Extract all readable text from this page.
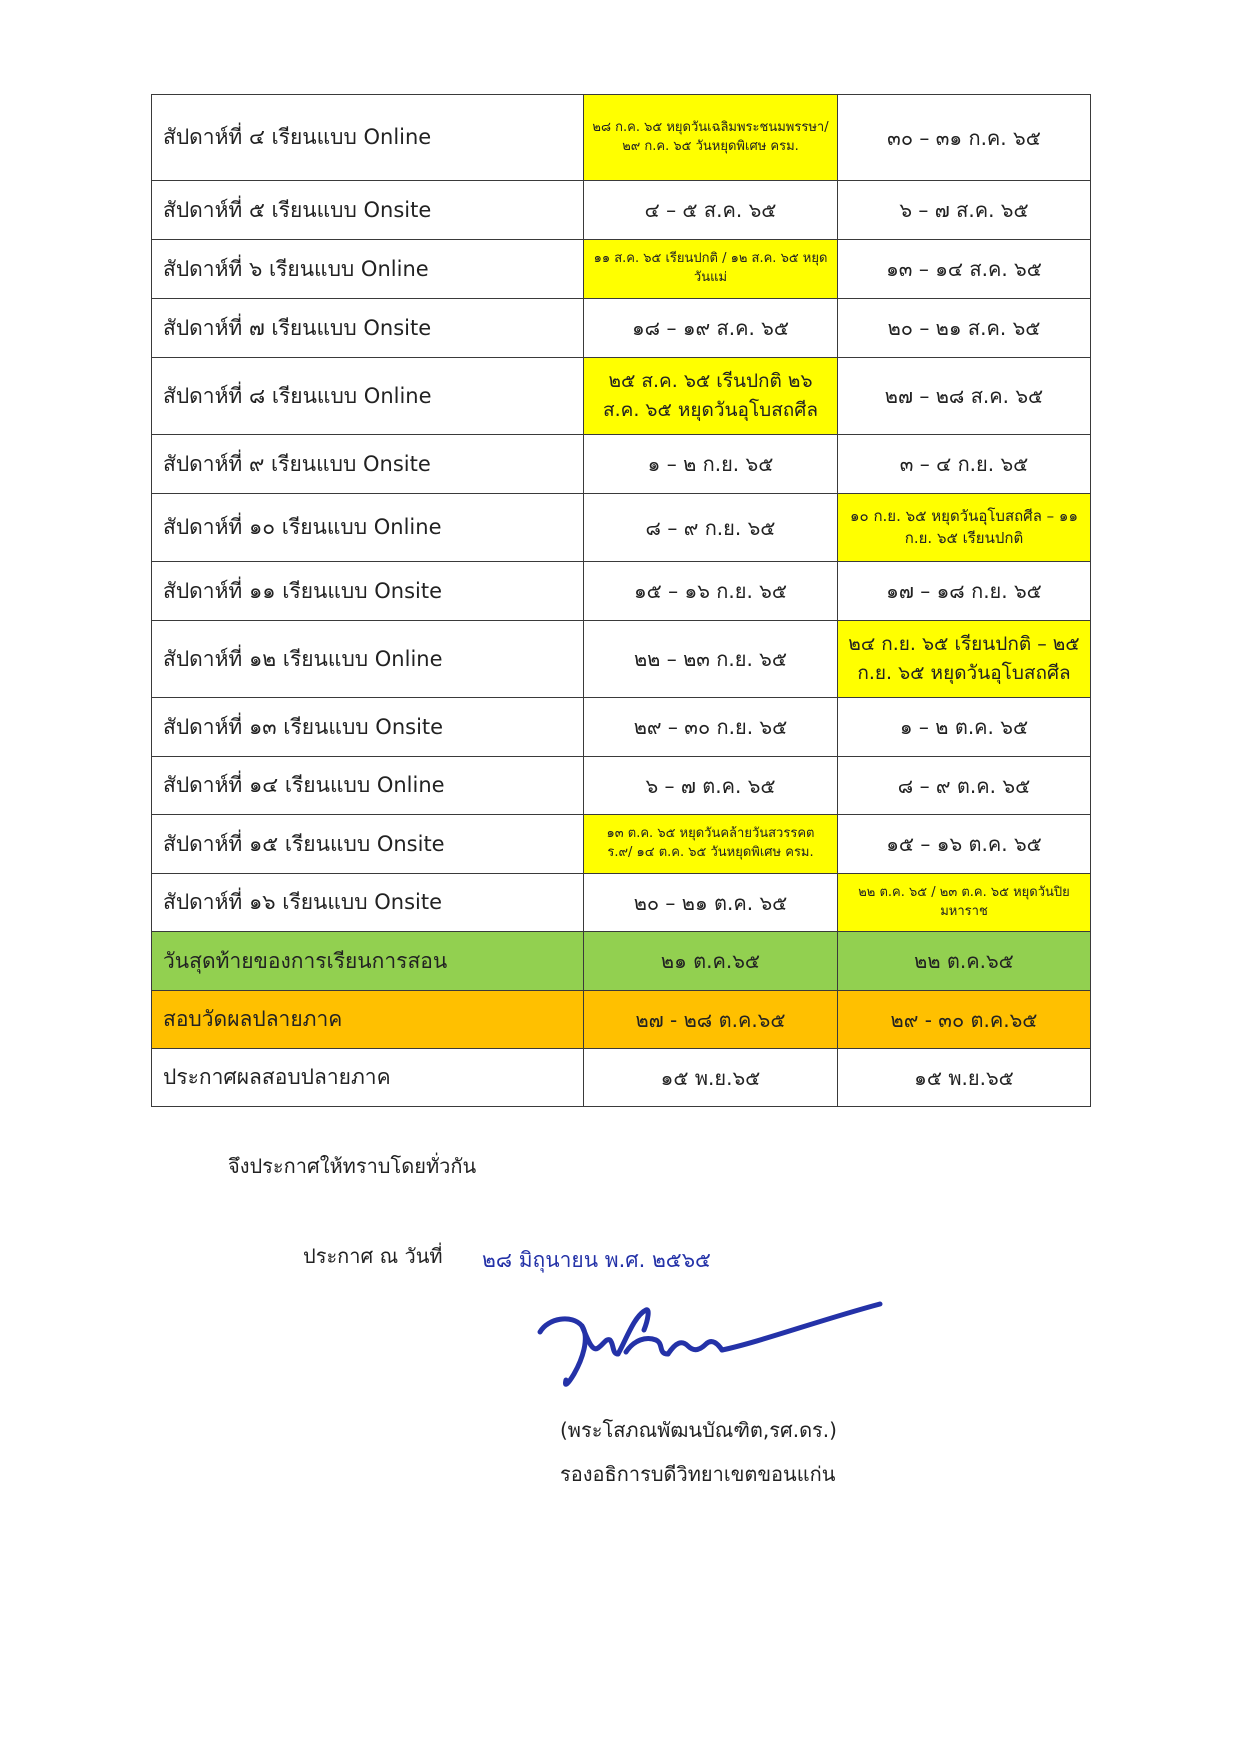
สัปดาห์ที่ ๔ เรียนแบบ Online	๒๘ ก.ค. ๖๕ หยุดวันเฉลิมพระชนมพรรษา/ ๒๙ ก.ค. ๖๕ วันหยุดพิเศษ ครม.	๓๐ – ๓๑ ก.ค. ๖๕
สัปดาห์ที่ ๕ เรียนแบบ Onsite	๔ – ๕ ส.ค. ๖๕	๖ – ๗ ส.ค. ๖๕
สัปดาห์ที่ ๖ เรียนแบบ Online	๑๑ ส.ค. ๖๕ เรียนปกติ / ๑๒ ส.ค. ๖๕ หยุดวันแม่	๑๓ – ๑๔ ส.ค. ๖๕
สัปดาห์ที่ ๗ เรียนแบบ Onsite	๑๘ – ๑๙ ส.ค. ๖๕	๒๐ – ๒๑ ส.ค. ๖๕
สัปดาห์ที่ ๘ เรียนแบบ Online	๒๕ ส.ค. ๖๕ เรีนปกติ ๒๖ ส.ค. ๖๕ หยุดวันอุโบสถศีล	๒๗ – ๒๘ ส.ค. ๖๕
สัปดาห์ที่ ๙ เรียนแบบ Onsite	๑ – ๒ ก.ย. ๖๕	๓ – ๔ ก.ย. ๖๕
สัปดาห์ที่ ๑๐ เรียนแบบ Online	๘ – ๙ ก.ย. ๖๕	๑๐ ก.ย. ๖๕ หยุดวันอุโบสถศีล – ๑๑ ก.ย. ๖๕ เรียนปกติ
สัปดาห์ที่ ๑๑ เรียนแบบ Onsite	๑๕ – ๑๖ ก.ย. ๖๕	๑๗ – ๑๘ ก.ย. ๖๕
สัปดาห์ที่ ๑๒ เรียนแบบ Online	๒๒ – ๒๓ ก.ย. ๖๕	๒๔ ก.ย. ๖๕ เรียนปกติ – ๒๕ ก.ย. ๖๕ หยุดวันอุโบสถศีล
สัปดาห์ที่ ๑๓ เรียนแบบ Onsite	๒๙ – ๓๐ ก.ย. ๖๕	๑ – ๒ ต.ค. ๖๕
สัปดาห์ที่ ๑๔ เรียนแบบ Online	๖ – ๗ ต.ค. ๖๕	๘ – ๙ ต.ค. ๖๕
สัปดาห์ที่ ๑๕ เรียนแบบ Onsite	๑๓ ต.ค. ๖๕ หยุดวันคล้ายวันสวรรคต ร.๙/ ๑๔ ต.ค. ๖๕ วันหยุดพิเศษ ครม.	๑๕ – ๑๖ ต.ค. ๖๕
สัปดาห์ที่ ๑๖ เรียนแบบ Onsite	๒๐ – ๒๑ ต.ค. ๖๕	๒๒ ต.ค. ๖๕ / ๒๓ ต.ค. ๖๕ หยุดวันปิยมหาราช
วันสุดท้ายของการเรียนการสอน	๒๑ ต.ค.๖๕	๒๒ ต.ค.๖๕
สอบวัดผลปลายภาค	๒๗ - ๒๘ ต.ค.๖๕	๒๙ - ๓๐ ต.ค.๖๕
ประกาศผลสอบปลายภาค	๑๕ พ.ย.๖๕	๑๕ พ.ย.๖๕
จึงประกาศให้ทราบโดยทั่วกัน
ประกาศ ณ วันที่ ๒๘ มิถุนายน พ.ศ. ๒๕๖๕
(พระโสภณพัฒนบัณฑิต,รศ.ดร.)
รองอธิการบดีวิทยาเขตขอนแก่น
